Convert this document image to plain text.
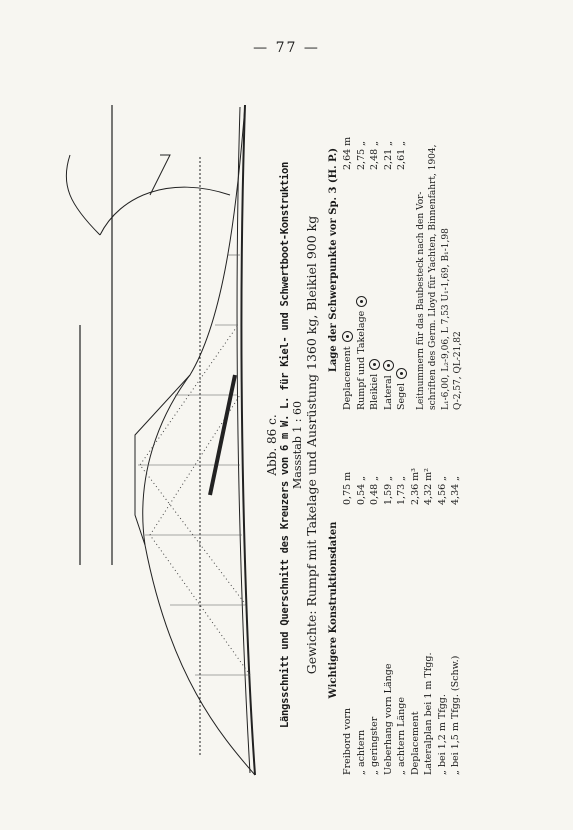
— 77 —
Abb. 86 c. Längsschnitt und Querschnitt des Kreuzers von 6 m W. L. für Kiel- und Schwertboot-Konstruktion Massstab 1 : 60 Gewichte: Rumpf mit Takelage und Ausrüstung 1360 kg, Bleikiel 900 kg Wichtigere Konstruktionsdaten
Freibord vorn
0,75 m
„ achtern
0,54 „
„ geringster
0,48 „
Ueberhang vorn Länge
1,59 „
„ achtern Länge
1,73 „
Deplacement
2,36 m³
Lateralplan bei 1 m Tfgg.
4,32 m²
„ bei 1,2 m Tfgg.
4,56 „
„ bei 1,5 m Tfgg. (Schw.)
4,34 „
Lage der Schwerpunkte vor Sp. 3 (H. P.)
Deplacement
2,64 m
Rumpf und Takelage
2,75 „
Bleikiel
2,48 „
Lateral
2,21 „
Segel
2,61 „
Leitnummern für das Baubesteck nach den Vor- schriften des Germ. Lloyd für Yachten, Binnenfahrt, 1904, L₁-6,00, L₂-9,06, L 7,53 U₁-1,69, B₁-1,98 Q-2,57, QL-21,82
